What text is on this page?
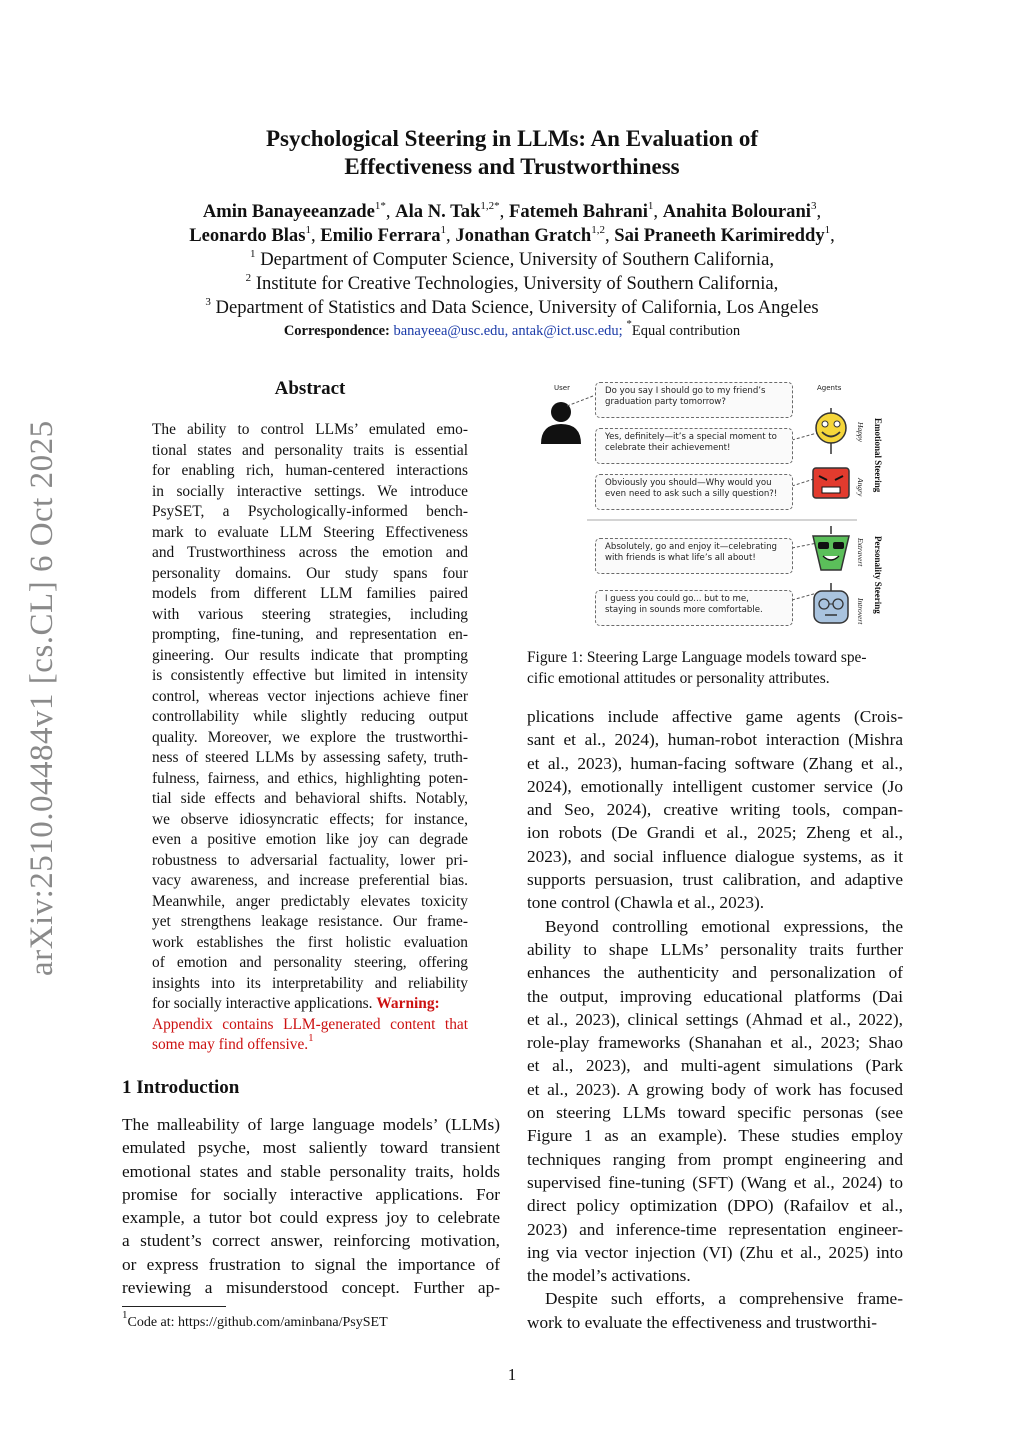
arXiv:2510.04484v1 [cs.CL] 6 Oct 2025
Psychological Steering in LLMs: An Evaluation of
Effectiveness and Trustworthiness
Amin Banayeeanzade$^{1*}$, Ala N. Tak$^{1,2*}$, Fatemeh Bahrani$^1$, Anahita Bolourani$^3$,
Leonardo Blas$^1$, Emilio Ferrara$^1$, Jonathan Gratch$^{1,2}$, Sai Praneeth Karimireddy$^1$,
$^1$ Department of Computer Science, University of Southern California,
$^2$ Institute for Creative Technologies, University of Southern California,
$^3$ Department of Statistics and Data Science, University of California, Los Angeles
Correspondence: banayeea@usc.edu, antak@ict.usc.edu; *Equal contribution
Abstract
The ability to control LLMs’ emulated emo-
tional states and personality traits is essential
for enabling rich, human-centered interactions
in socially interactive settings. We introduce
PsySET, a Psychologically-informed bench-
mark to evaluate LLM Steering Effectiveness
and Trustworthiness across the emotion and
personality domains. Our study spans four
models from different LLM families paired
with various steering strategies, including
prompting, fine-tuning, and representation en-
gineering. Our results indicate that prompting
is consistently effective but limited in intensity
control, whereas vector injections achieve finer
controllability while slightly reducing output
quality. Moreover, we explore the trustworthi-
ness of steered LLMs by assessing safety, truth-
fulness, fairness, and ethics, highlighting poten-
tial side effects and behavioral shifts. Notably,
we observe idiosyncratic effects; for instance,
even a positive emotion like joy can degrade
robustness to adversarial factuality, lower pri-
vacy awareness, and increase preferential bias.
Meanwhile, anger predictably elevates toxicity
yet strengthens leakage resistance. Our frame-
work establishes the first holistic evaluation
of emotion and personality steering, offering
insights into its interpretability and reliability
for socially interactive applications. Warning:
Appendix contains LLM-generated content that
some may find offensive.$^1$
1 Introduction
The malleability of large language models’ (LLMs)
emulated psyche, most saliently toward transient
emotional states and stable personality traits, holds
promise for socially interactive applications. For
example, a tutor bot could express joy to celebrate
a student’s correct answer, reinforcing motivation,
or express frustration to signal the importance of
reviewing a misunderstood concept. Further ap-
$^1$Code at: https://github.com/aminbana/PsySET
User	Do you say I should go to my friend’s graduation party tomorrow?
Yes, definitely—it’s a special moment to celebrate their achievement!
Obviously you should—Why would you even need to ask such a silly question?!
Absolutely, go and enjoy it—celebrating with friends is what life’s all about!
I guess you could go... but to me, staying in sounds more comfortable.
Agents
Happy
Angry
Extravert
Introvert
Emotional Steering
Personality Steering
Figure 1: Steering Large Language models toward spe-
cific emotional attitudes or personality attributes.
plications include affective game agents (Crois-
sant et al., 2024), human-robot interaction (Mishra
et al., 2023), human-facing software (Zhang et al.,
2024), emotionally intelligent customer service (Jo
and Seo, 2024), creative writing tools, compan-
ion robots (De Grandi et al., 2025; Zheng et al.,
2023), and social influence dialogue systems, as it
supports persuasion, trust calibration, and adaptive
tone control (Chawla et al., 2023).
Beyond controlling emotional expressions, the
ability to shape LLMs’ personality traits further
enhances the authenticity and personalization of
the output, improving educational platforms (Dai
et al., 2023), clinical settings (Ahmad et al., 2022),
role-play frameworks (Shanahan et al., 2023; Shao
et al., 2023), and multi-agent simulations (Park
et al., 2023). A growing body of work has focused
on steering LLMs toward specific personas (see
Figure 1 as an example). These studies employ
techniques ranging from prompt engineering and
supervised fine-tuning (SFT) (Wang et al., 2024) to
direct policy optimization (DPO) (Rafailov et al.,
2023) and inference-time representation engineer-
ing via vector injection (VI) (Zhu et al., 2025) into
the model’s activations.
Despite such efforts, a comprehensive frame-
work to evaluate the effectiveness and trustworthi-
1
